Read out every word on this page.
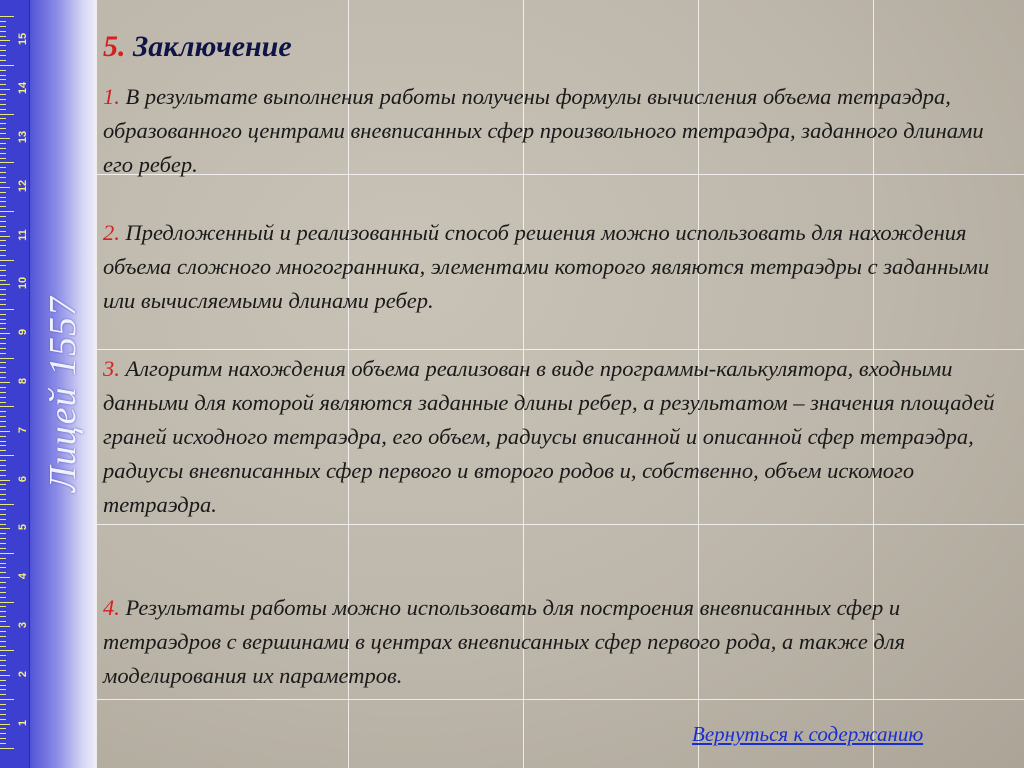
1
2
3
4
5
6
7
8
9
10
11
12
13
14
15
Лицей 1557
5. Заключение

1. В результате выполнения работы получены формулы вычисления объема тетраэдра, образованного центрами вневписанных сфер произвольного тетраэдра, заданного длинами его ребер.

2. Предложенный и реализованный способ решения можно использовать для нахождения объема сложного многогранника, элементами которого являются тетраэдры с заданными или вычисляемыми длинами ребер.

3. Алгоритм нахождения объема реализован в виде программы-калькулятора, входными данными для которой являются заданные длины ребер, а результатом – значения площадей граней исходного тетраэдра, его объем, радиусы вписанной и описанной сфер тетраэдра, радиусы вневписанных сфер первого и второго родов и, собственно, объем искомого тетраэдра.

4. Результаты работы можно использовать для построения вневписанных сфер и тетраэдров с вершинами в центрах вневписанных сфер первого рода, а также для моделирования их параметров.

Вернуться к содержанию
